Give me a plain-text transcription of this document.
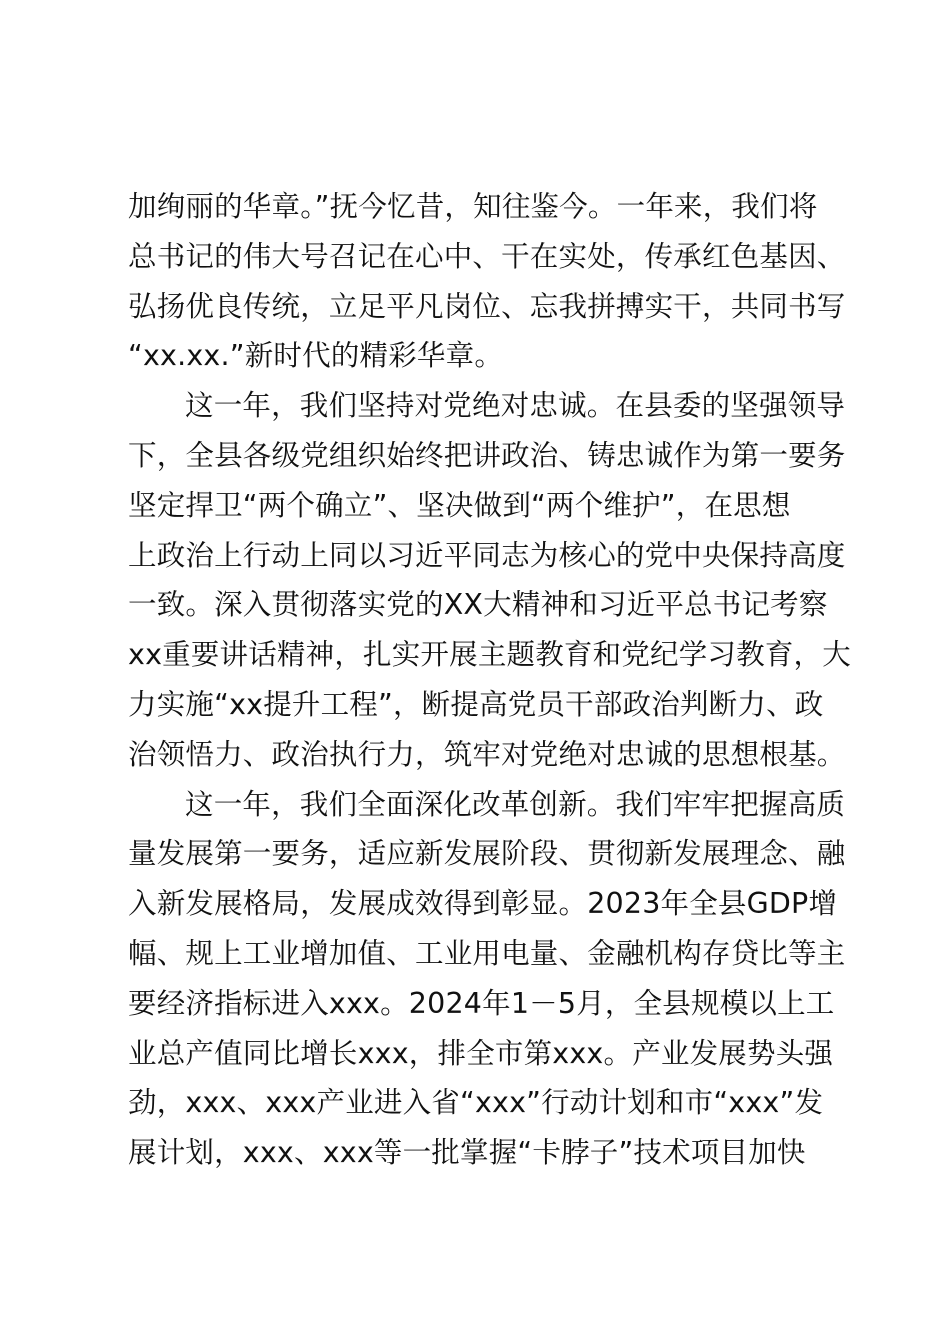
加绚丽的华章。”抚今忆昔，知往鉴今。一年来，我们将
总书记的伟大号召记在心中、干在实处，传承红色基因、
弘扬优良传统，立足平凡岗位、忘我拼搏实干，共同书写
“xx.xx.”新时代的精彩华章。
这一年，我们坚持对党绝对忠诚。在县委的坚强领导
下，全县各级党组织始终把讲政治、铸忠诚作为第一要务
坚定捍卫“两个确立”、坚决做到“两个维护”，在思想
上政治上行动上同以习近平同志为核心的党中央保持高度
一致。深入贯彻落实党的XX大精神和习近平总书记考察
xx重要讲话精神，扎实开展主题教育和党纪学习教育，大
力实施“xx提升工程”，断提高党员干部政治判断力、政
治领悟力、政治执行力，筑牢对党绝对忠诚的思想根基。
这一年，我们全面深化改革创新。我们牢牢把握高质
量发展第一要务，适应新发展阶段、贯彻新发展理念、融
入新发展格局，发展成效得到彰显。2023年全县GDP增
幅、规上工业增加值、工业用电量、金融机构存贷比等主
要经济指标进入xxx。2024年1－5月，全县规模以上工
业总产值同比增长xxx，排全市第xxx。产业发展势头强
劲，xxx、xxx产业进入省“xxx”行动计划和市“xxx”发
展计划，xxx、xxx等一批掌握“卡脖子”技术项目加快
